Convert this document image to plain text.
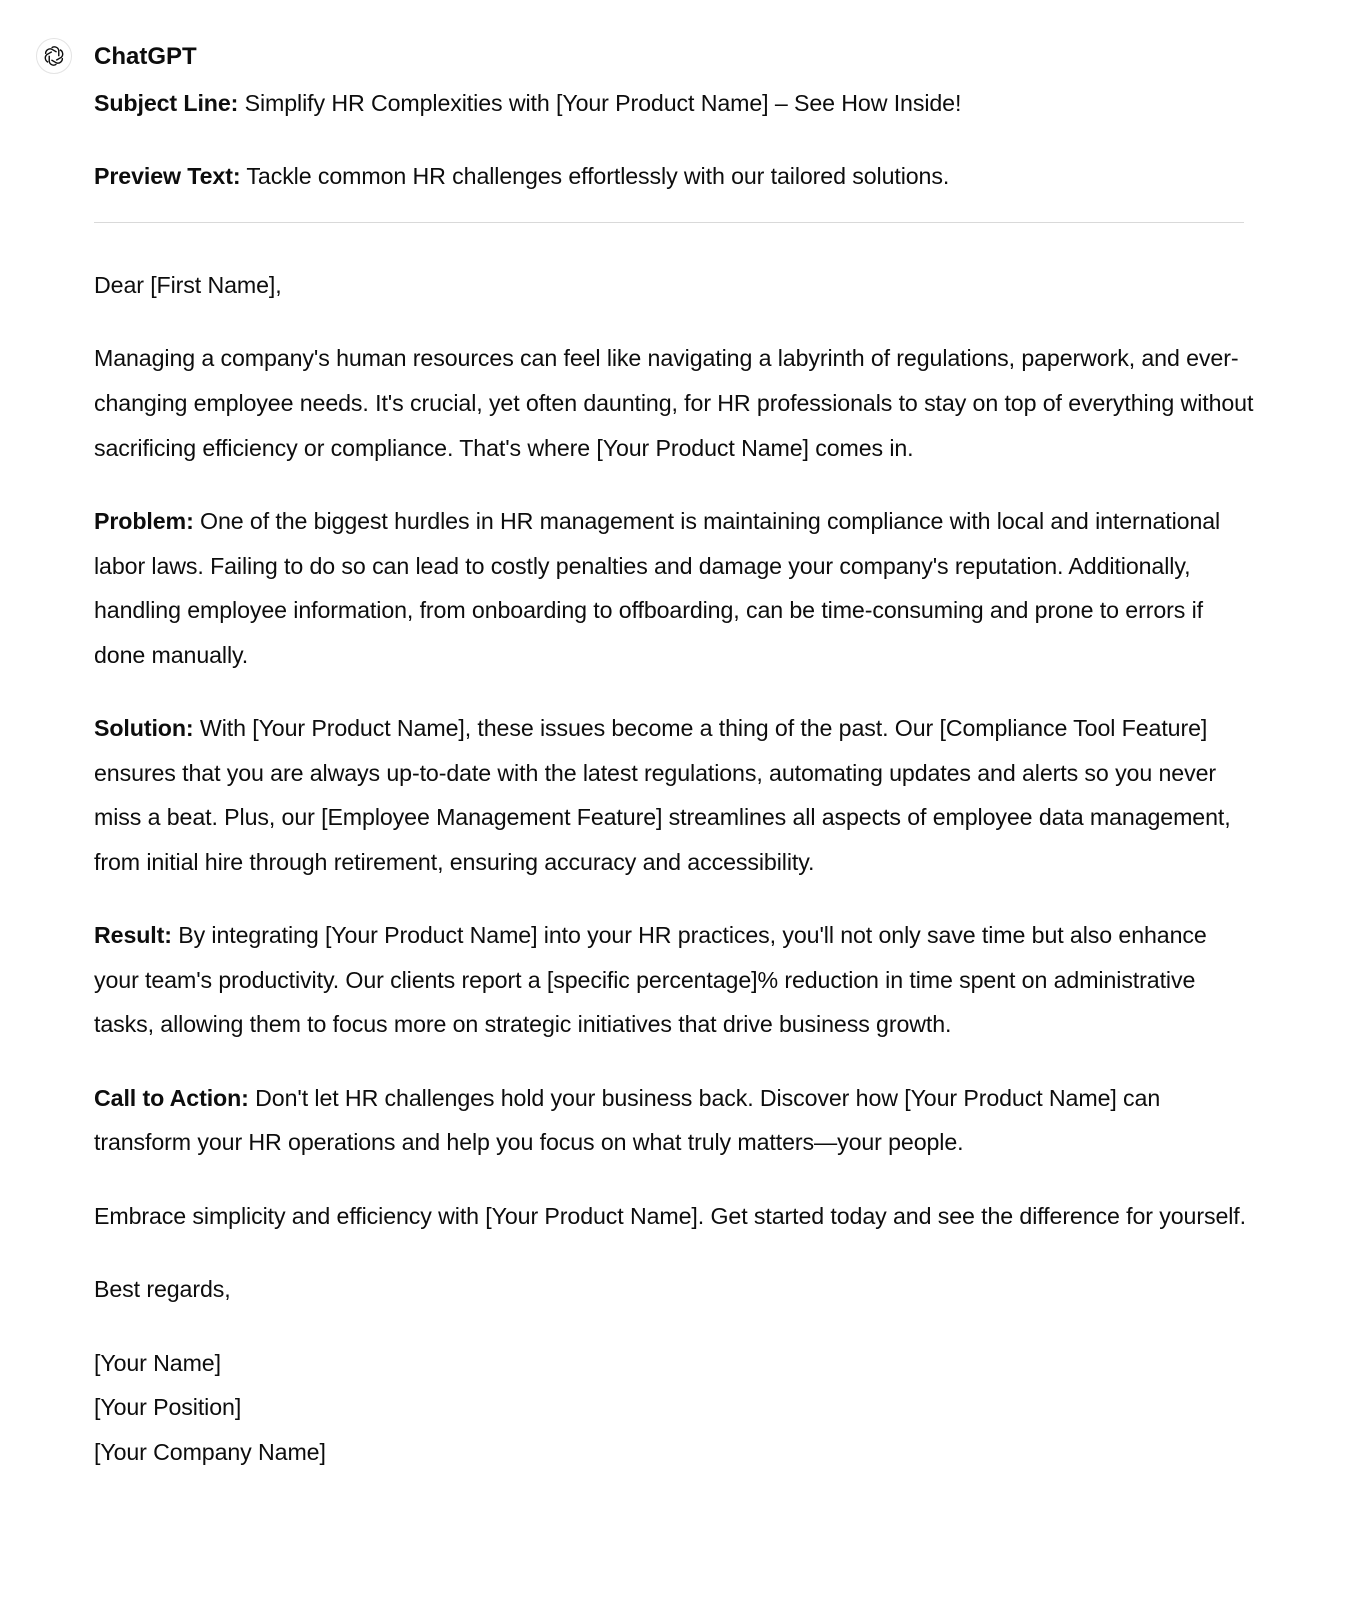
ChatGPT

Subject Line: Simplify HR Complexities with [Your Product Name] – See How Inside!

Preview Text: Tackle common HR challenges effortlessly with our tailored solutions.

Dear [First Name],

Managing a company's human resources can feel like navigating a labyrinth of regulations, paperwork, and ever-changing employee needs. It's crucial, yet often daunting, for HR professionals to stay on top of everything without sacrificing efficiency or compliance. That's where [Your Product Name] comes in.

Problem: One of the biggest hurdles in HR management is maintaining compliance with local and international labor laws. Failing to do so can lead to costly penalties and damage your company's reputation. Additionally, handling employee information, from onboarding to offboarding, can be time-consuming and prone to errors if done manually.

Solution: With [Your Product Name], these issues become a thing of the past. Our [Compliance Tool Feature] ensures that you are always up-to-date with the latest regulations, automating updates and alerts so you never miss a beat. Plus, our [Employee Management Feature] streamlines all aspects of employee data management, from initial hire through retirement, ensuring accuracy and accessibility.

Result: By integrating [Your Product Name] into your HR practices, you'll not only save time but also enhance your team's productivity. Our clients report a [specific percentage]% reduction in time spent on administrative tasks, allowing them to focus more on strategic initiatives that drive business growth.

Call to Action: Don't let HR challenges hold your business back. Discover how [Your Product Name] can transform your HR operations and help you focus on what truly matters—your people.

Embrace simplicity and efficiency with [Your Product Name]. Get started today and see the difference for yourself.

Best regards,

[Your Name]
[Your Position]
[Your Company Name]
